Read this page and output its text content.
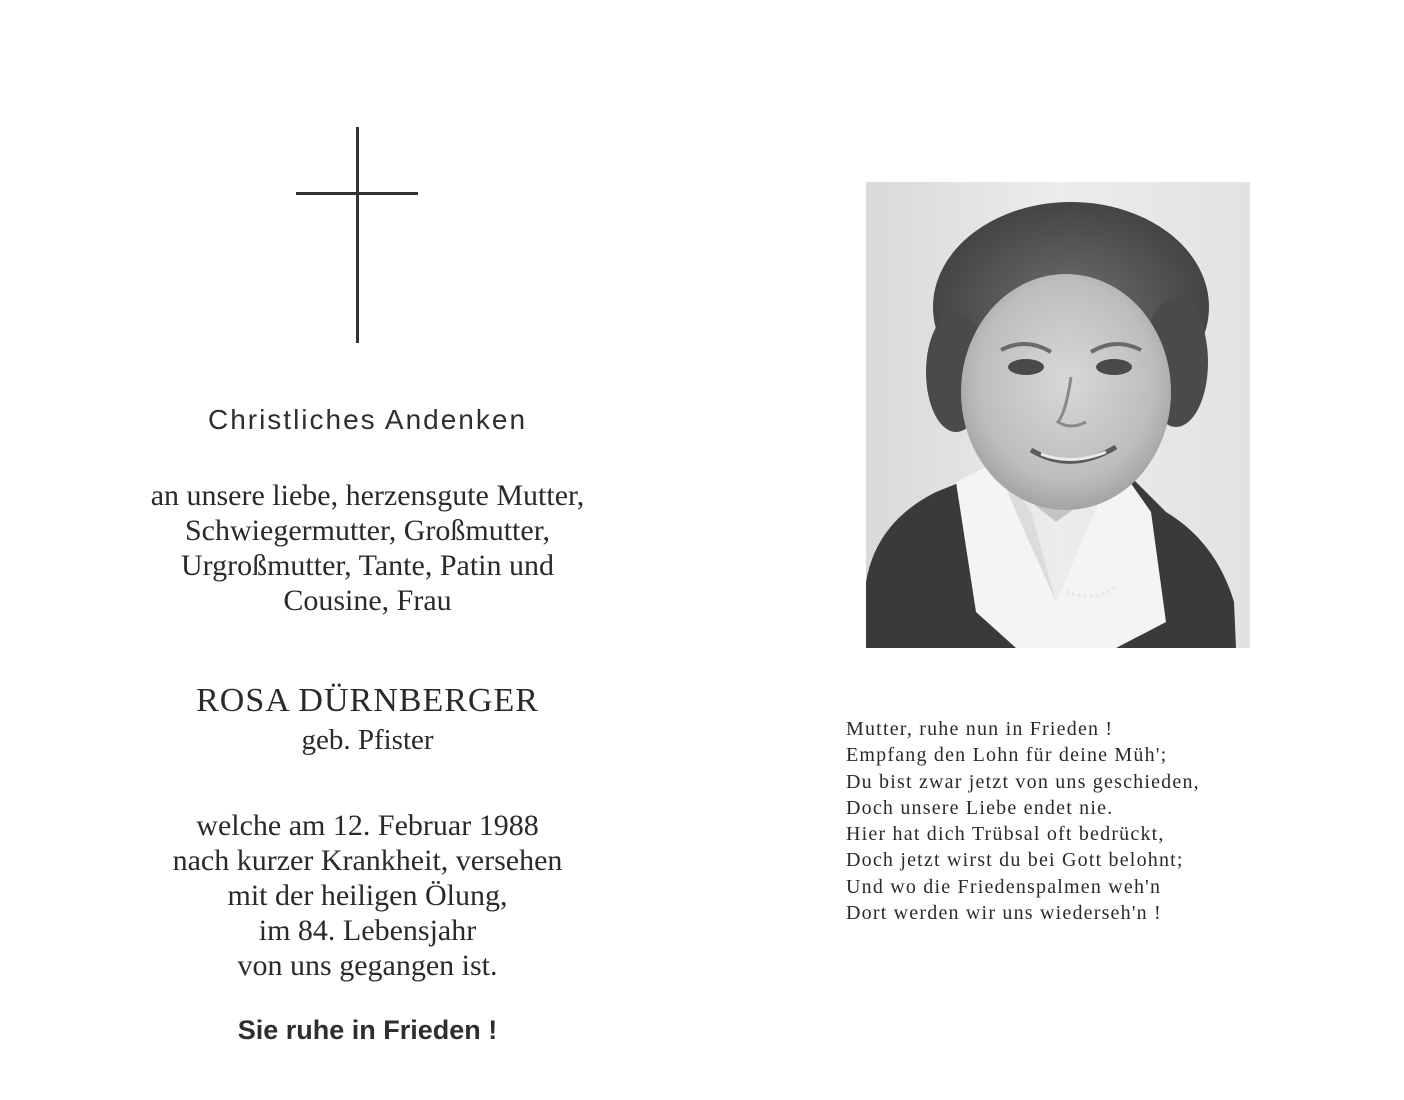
Christliches Andenken
an unsere liebe, herzensgute Mutter,
Schwiegermutter, Großmutter,
Urgroßmutter, Tante, Patin und
Cousine, Frau
ROSA DÜRNBERGER
geb. Pfister
welche am 12. Februar 1988
nach kurzer Krankheit, versehen
mit der heiligen Ölung,
im 84. Lebensjahr
von uns gegangen ist.
Sie ruhe in Frieden !
Mutter, ruhe nun in Frieden !
Empfang den Lohn für deine Müh';
Du bist zwar jetzt von uns geschieden,
Doch unsere Liebe endet nie.
Hier hat dich Trübsal oft bedrückt,
Doch jetzt wirst du bei Gott belohnt;
Und wo die Friedenspalmen weh'n
Dort werden wir uns wiederseh'n !
